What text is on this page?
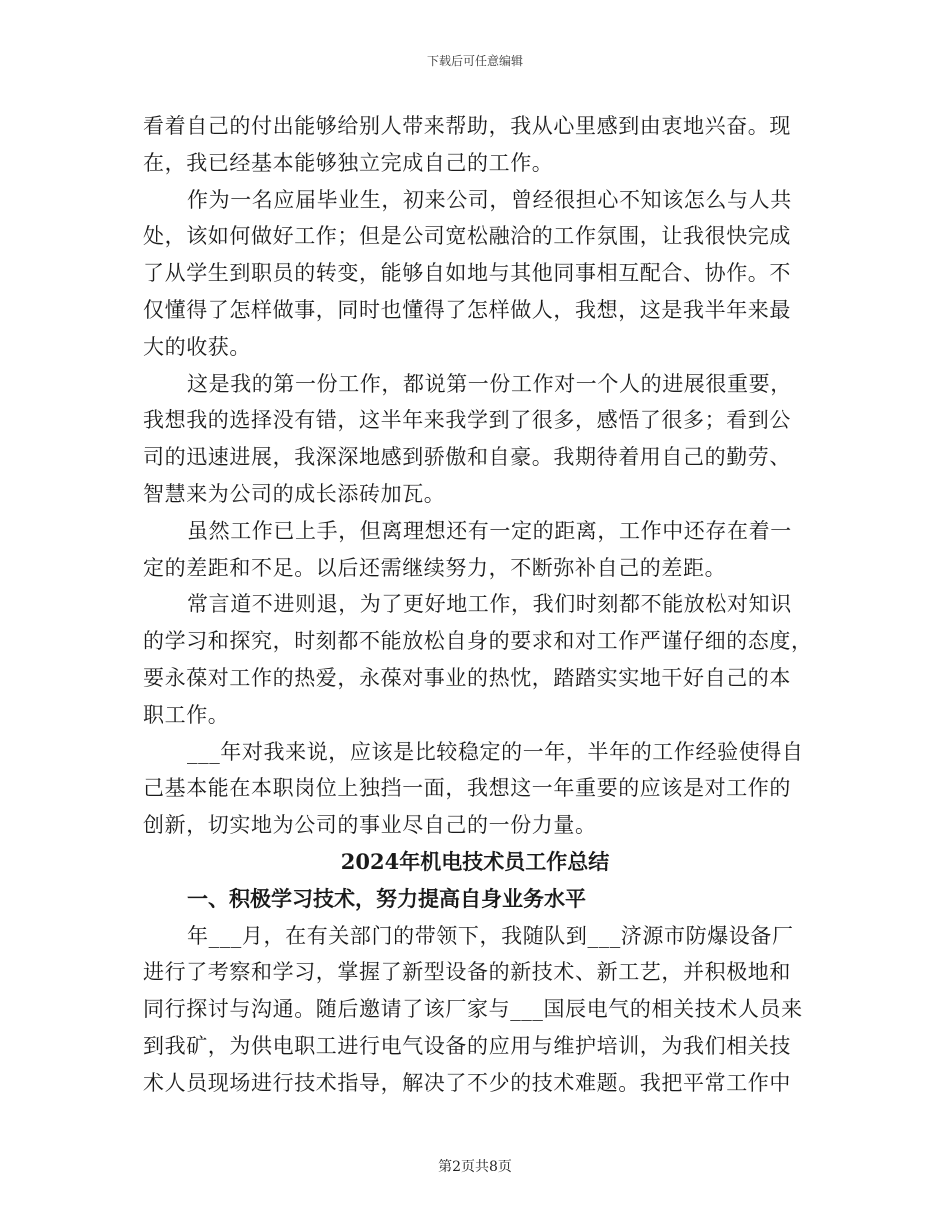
下载后可任意编辑
看着自己的付出能够给别人带来帮助，我从心里感到由衷地兴奋。现
在，我已经基本能够独立完成自己的工作。
作为一名应届毕业生，初来公司，曾经很担心不知该怎么与人共
处，该如何做好工作；但是公司宽松融洽的工作氛围，让我很快完成
了从学生到职员的转变，能够自如地与其他同事相互配合、协作。不
仅懂得了怎样做事，同时也懂得了怎样做人，我想，这是我半年来最
大的收获。
这是我的第一份工作，都说第一份工作对一个人的进展很重要，
我想我的选择没有错，这半年来我学到了很多，感悟了很多；看到公
司的迅速进展，我深深地感到骄傲和自豪。我期待着用自己的勤劳、
智慧来为公司的成长添砖加瓦。
虽然工作已上手，但离理想还有一定的距离，工作中还存在着一
定的差距和不足。以后还需继续努力，不断弥补自己的差距。
常言道不进则退，为了更好地工作，我们时刻都不能放松对知识
的学习和探究，时刻都不能放松自身的要求和对工作严谨仔细的态度，
要永葆对工作的热爱，永葆对事业的热忱，踏踏实实地干好自己的本
职工作。
___年对我来说，应该是比较稳定的一年，半年的工作经验使得自
己基本能在本职岗位上独挡一面，我想这一年重要的应该是对工作的
创新，切实地为公司的事业尽自己的一份力量。
2024年机电技术员工作总结
一、积极学习技术，努力提高自身业务水平
年___月，在有关部门的带领下，我随队到___济源市防爆设备厂
进行了考察和学习，掌握了新型设备的新技术、新工艺，并积极地和
同行探讨与沟通。随后邀请了该厂家与___国辰电气的相关技术人员来
到我矿，为供电职工进行电气设备的应用与维护培训，为我们相关技
术人员现场进行技术指导，解决了不少的技术难题。我把平常工作中
第2页共8页
